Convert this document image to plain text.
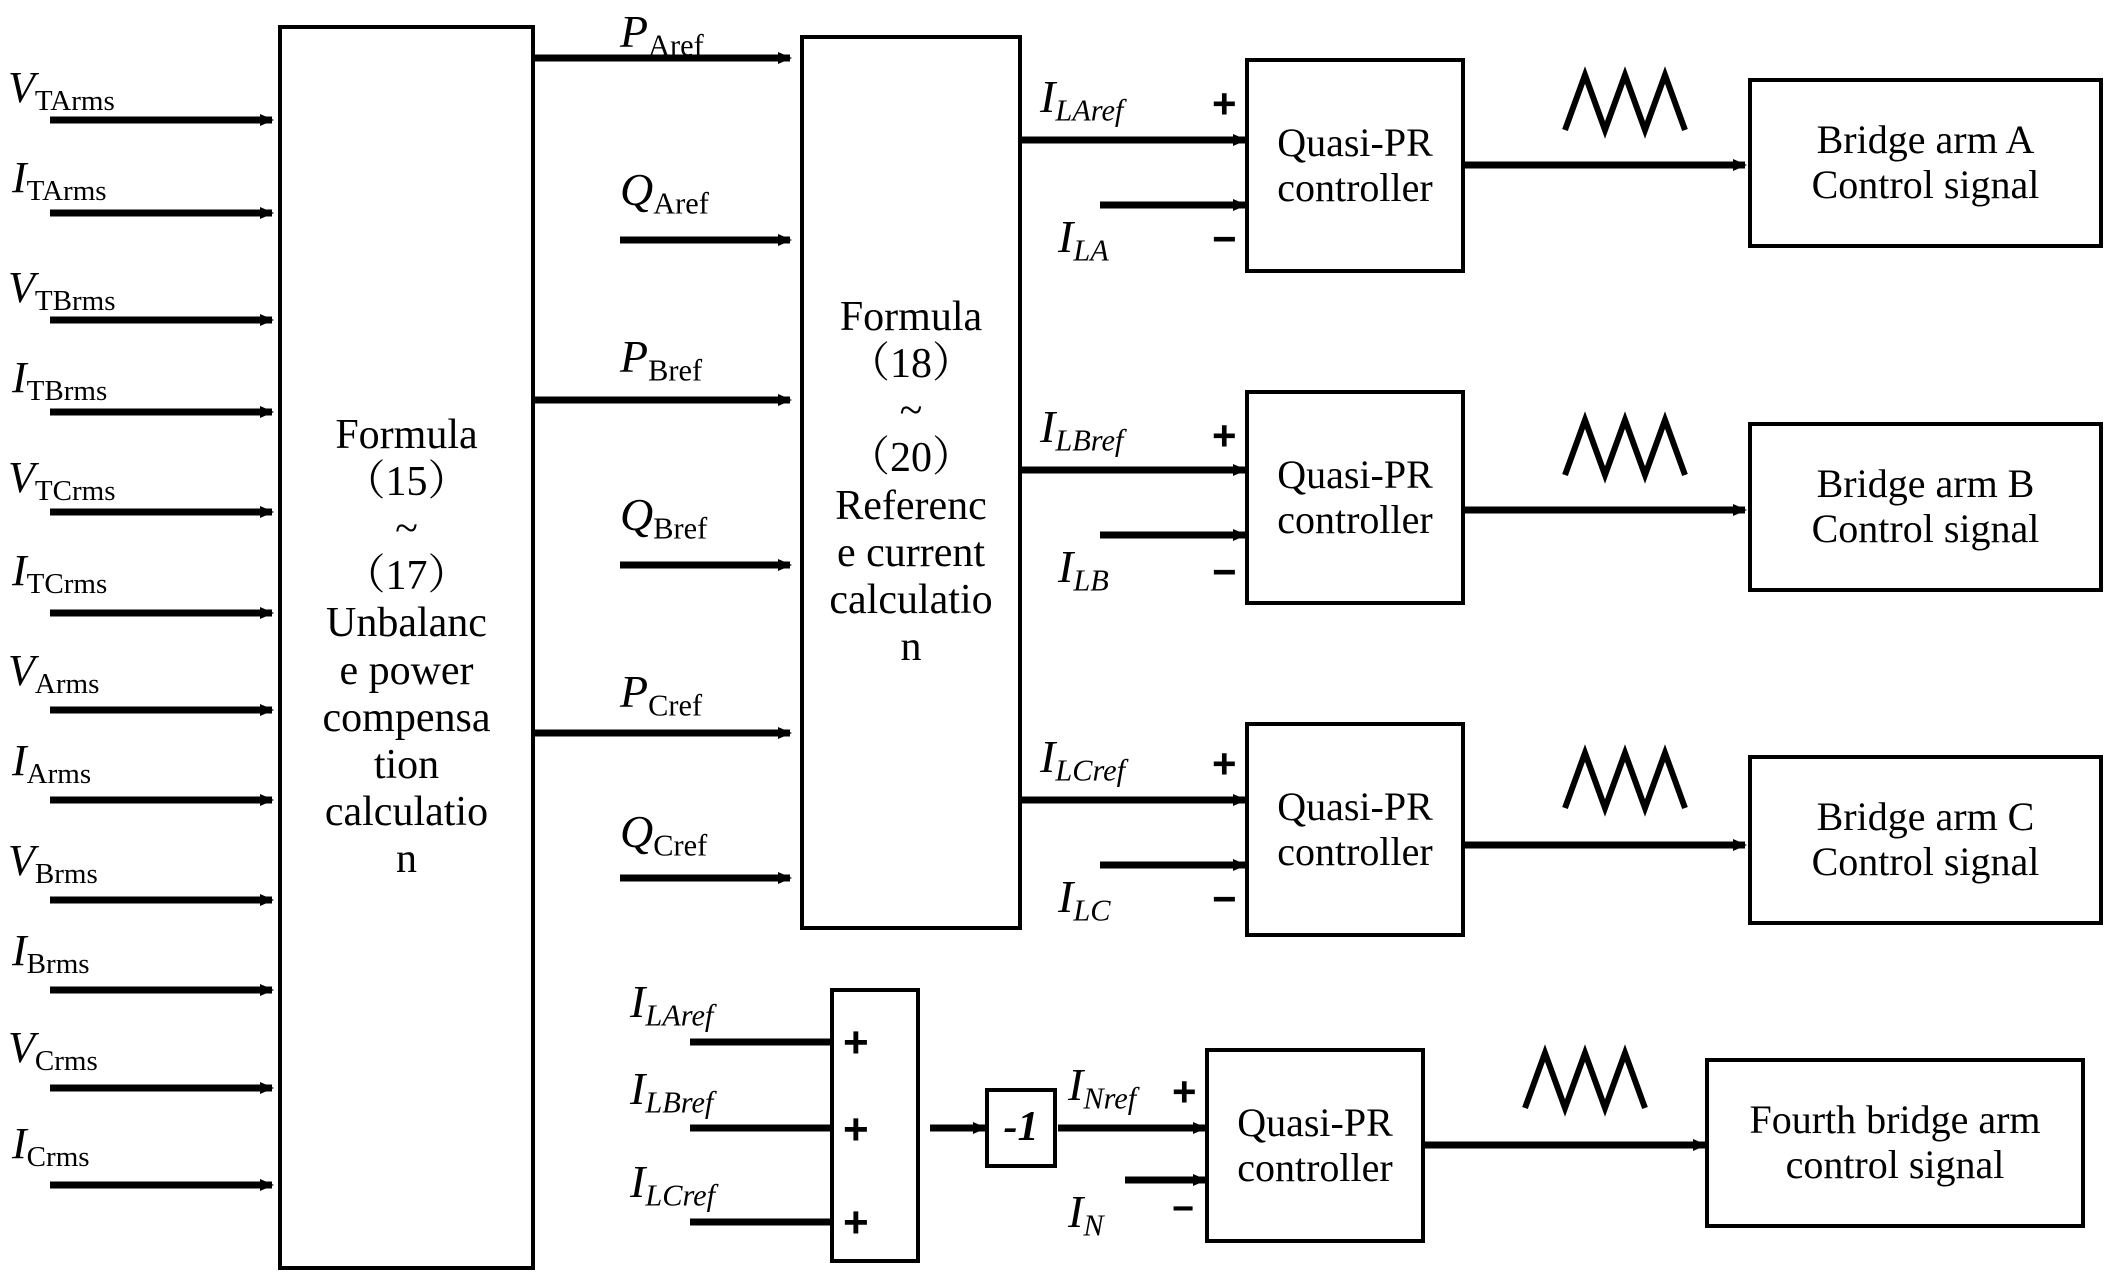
$V_{TArms}$
$I_{TArms}$
$V_{TBrms}$
$I_{TBrms}$
$V_{TCrms}$
$I_{TCrms}$
$V_{Arms}$
$I_{Arms}$
$V_{Brms}$
$I_{Brms}$
$V_{Crms}$
$I_{Crms}$
Formula
（15）
~
（17）
Unbalanc
e power
compensa
tion
calculatio
n
$P_{Aref}$
$Q_{Aref}$
$P_{Bref}$
$Q_{Bref}$
$P_{Cref}$
$Q_{Cref}$
Formula
（18）
~
（20）
Referenc
e current
calculatio
n
ILAref
ILA
ILBref
ILB
ILCref
ILC
+
−
+
−
+
−
Quasi-PR
controller
Quasi-PR
controller
Quasi-PR
controller
Quasi-PR
controller
Bridge arm A
Control signal
Bridge arm B
Control signal
Bridge arm C
Control signal
Fourth bridge arm
control signal
ILAref
ILBref
ILCref
+
+
+
-1
INref
IN
+
−
